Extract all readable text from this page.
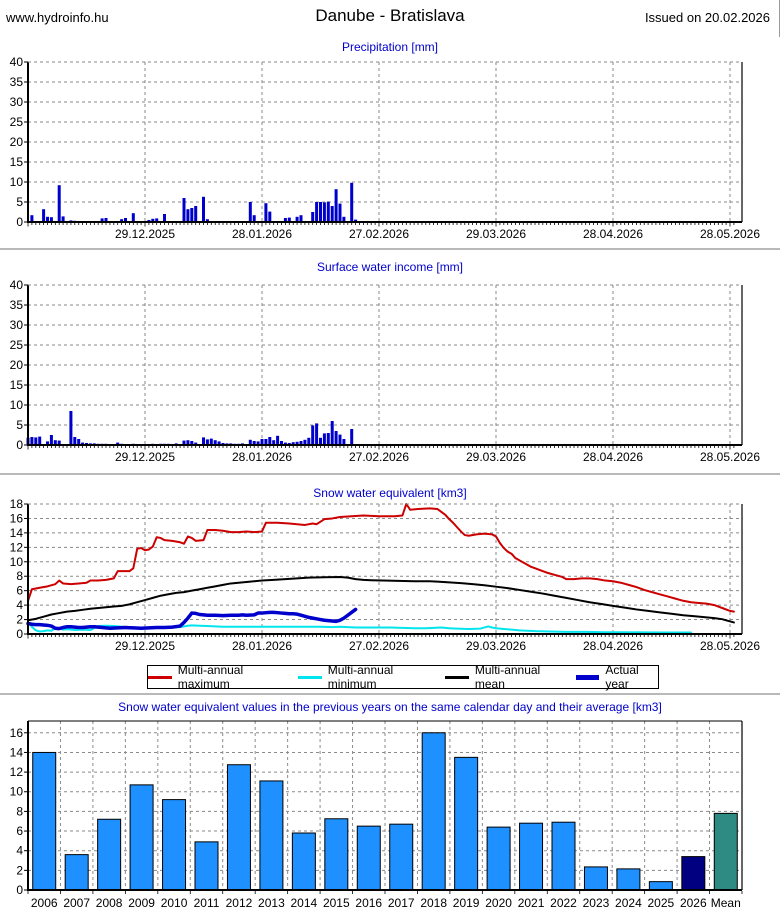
www.hydroinfo.hu	Danube - Bratislava	Issued on 20.02.2026
Precipitation [mm]
0
5
10
15
20
25
30
35
40
29.12.2025	28.01.2026	27.02.2026	29.03.2026	28.04.2026	28.05.2026
Surface water income [mm]
0
5
10
15
20
25
30
35
40
29.12.2025	28.01.2026	27.02.2026	29.03.2026	28.04.2026	28.05.2026
Snow water equivalent [km3]
0
2
4
6
8
10
12
14
16
18
29.12.2025	28.01.2026	27.02.2026	29.03.2026	28.04.2026	28.05.2026
Multi-annual maximum
Multi-annual minimum
Multi-annual mean
Actual year
Snow water equivalent values in the previous years on the same calendar day and their average [km3]
0
2
4
6
8
10
12
14
16
2006 2007 2008 2009 2010 2011 2012 2013 2014 2015 2016 2017 2018 2019 2020 2021 2022 2023 2024 2025 2026 Mean
